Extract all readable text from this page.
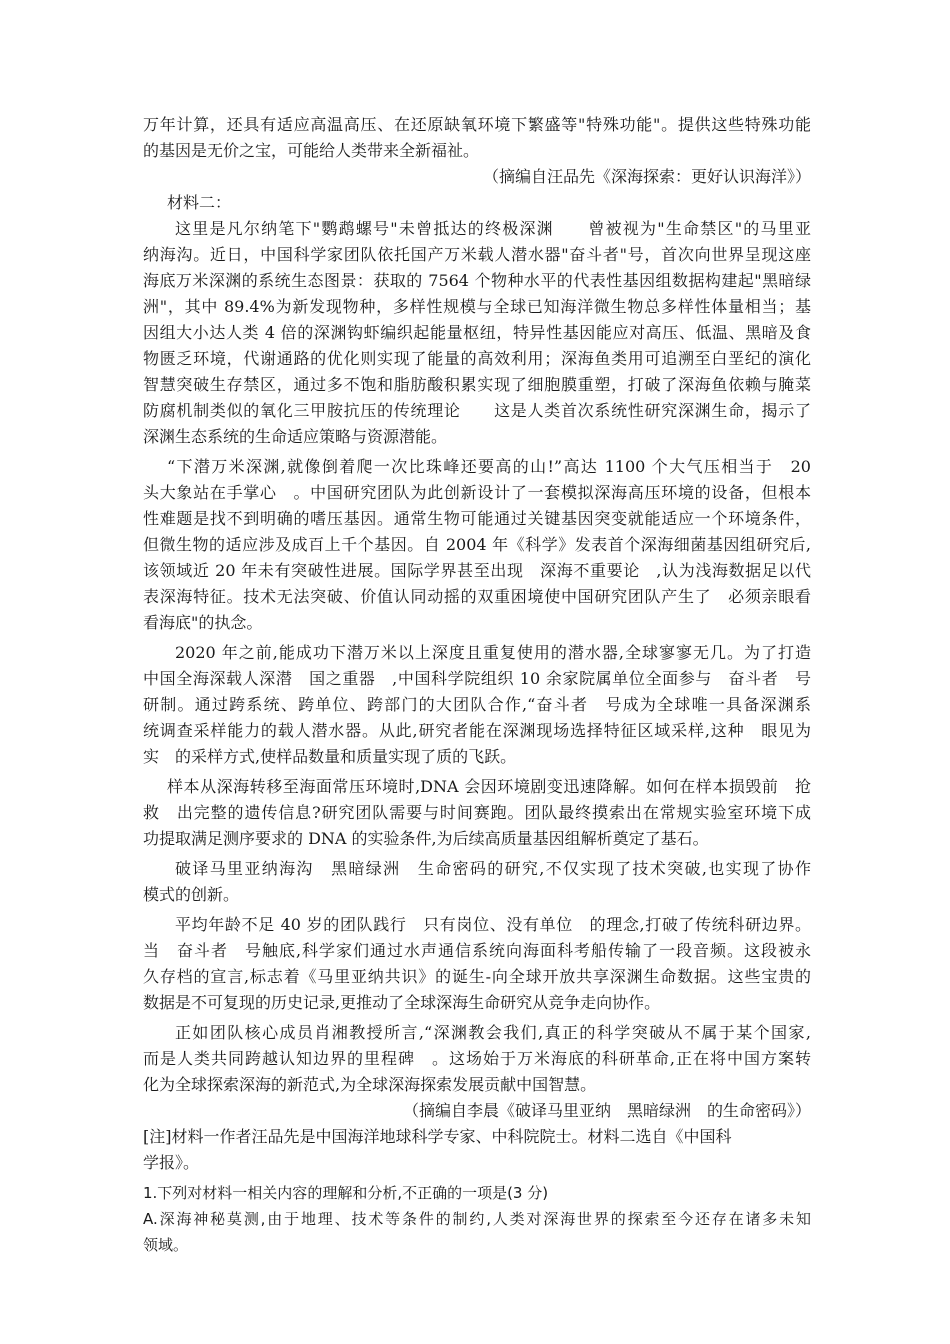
万年计算，还具有适应高温高压、在还原缺氧环境下繁盛等"特殊功能"。提供这些特殊功能
的基因是无价之宝，可能给人类带来全新福祉。
（摘编自汪品先《深海探索：更好认识海洋》）
材料二：
这里是凡尔纳笔下"鹦鹉螺号"未曾抵达的终极深渊　　曾被视为"生命禁区"的马里亚
纳海沟。近日，中国科学家团队依托国产万米载人潜水器"奋斗者"号，首次向世界呈现这座
海底万米深渊的系统生态图景：获取的 7564 个物种水平的代表性基因组数据构建起"黑暗绿
洲"，其中 89.4%为新发现物种，多样性规模与全球已知海洋微生物总多样性体量相当；基
因组大小达人类 4 倍的深渊钩虾编织起能量枢纽，特异性基因能应对高压、低温、黑暗及食
物匮乏环境，代谢通路的优化则实现了能量的高效利用；深海鱼类用可追溯至白垩纪的演化
智慧突破生存禁区，通过多不饱和脂肪酸积累实现了细胞膜重塑，打破了深海鱼依赖与腌菜
防腐机制类似的氧化三甲胺抗压的传统理论　　这是人类首次系统性研究深渊生命，揭示了
深渊生态系统的生命适应策略与资源潜能。
“下潜万米深渊,就像倒着爬一次比珠峰还要高的山!”高达 1100 个大气压相当于　20
头大象站在手掌心　。中国研究团队为此创新设计了一套模拟深海高压环境的设备，但根本
性难题是找不到明确的嗜压基因。通常生物可能通过关键基因突变就能适应一个环境条件，
但微生物的适应涉及成百上千个基因。自 2004 年《科学》发表首个深海细菌基因组研究后,
该领域近 20 年未有突破性进展。国际学界甚至出现　深海不重要论　,认为浅海数据足以代
表深海特征。技术无法突破、价值认同动摇的双重困境使中国研究团队产生了　必须亲眼看
看海底"的执念。
2020 年之前,能成功下潜万米以上深度且重复使用的潜水器,全球寥寥无几。为了打造
中国全海深载人深潜　国之重器　,中国科学院组织 10 余家院属单位全面参与　奋斗者　号
研制。通过跨系统、跨单位、跨部门的大团队合作,“奋斗者　号成为全球唯一具备深渊系
统调查采样能力的载人潜水器。从此,研究者能在深渊现场选择特征区域采样,这种　眼见为
实　的采样方式,使样品数量和质量实现了质的飞跃。
样本从深海转移至海面常压环境时,DNA 会因环境剧变迅速降解。如何在样本损毁前　抢
救　出完整的遗传信息?研究团队需要与时间赛跑。团队最终摸索出在常规实验室环境下成
功提取满足测序要求的 DNA 的实验条件,为后续高质量基因组解析奠定了基石。
破译马里亚纳海沟　黑暗绿洲　生命密码的研究,不仅实现了技术突破,也实现了协作
模式的创新。
平均年龄不足 40 岁的团队践行　只有岗位、没有单位　的理念,打破了传统科研边界。
当　奋斗者　号触底,科学家们通过水声通信系统向海面科考船传输了一段音频。这段被永
久存档的宣言,标志着《马里亚纳共识》的诞生-向全球开放共享深渊生命数据。这些宝贵的
数据是不可复现的历史记录,更推动了全球深海生命研究从竞争走向协作。
正如团队核心成员肖湘教授所言,“深渊教会我们,真正的科学突破从不属于某个国家,
而是人类共同跨越认知边界的里程碑　。这场始于万米海底的科研革命,正在将中国方案转
化为全球探索深海的新范式,为全球深海探索发展贡献中国智慧。
（摘编自李晨《破译马里亚纳　黑暗绿洲　的生命密码》）
[注]材料一作者汪品先是中国海洋地球科学专家、中科院院士。材料二选自《中国科
学报》。
1.下列对材料一相关内容的理解和分析,不正确的一项是(3 分)
A.深海神秘莫测,由于地理、技术等条件的制约,人类对深海世界的探索至今还存在诸多未知
领域。
